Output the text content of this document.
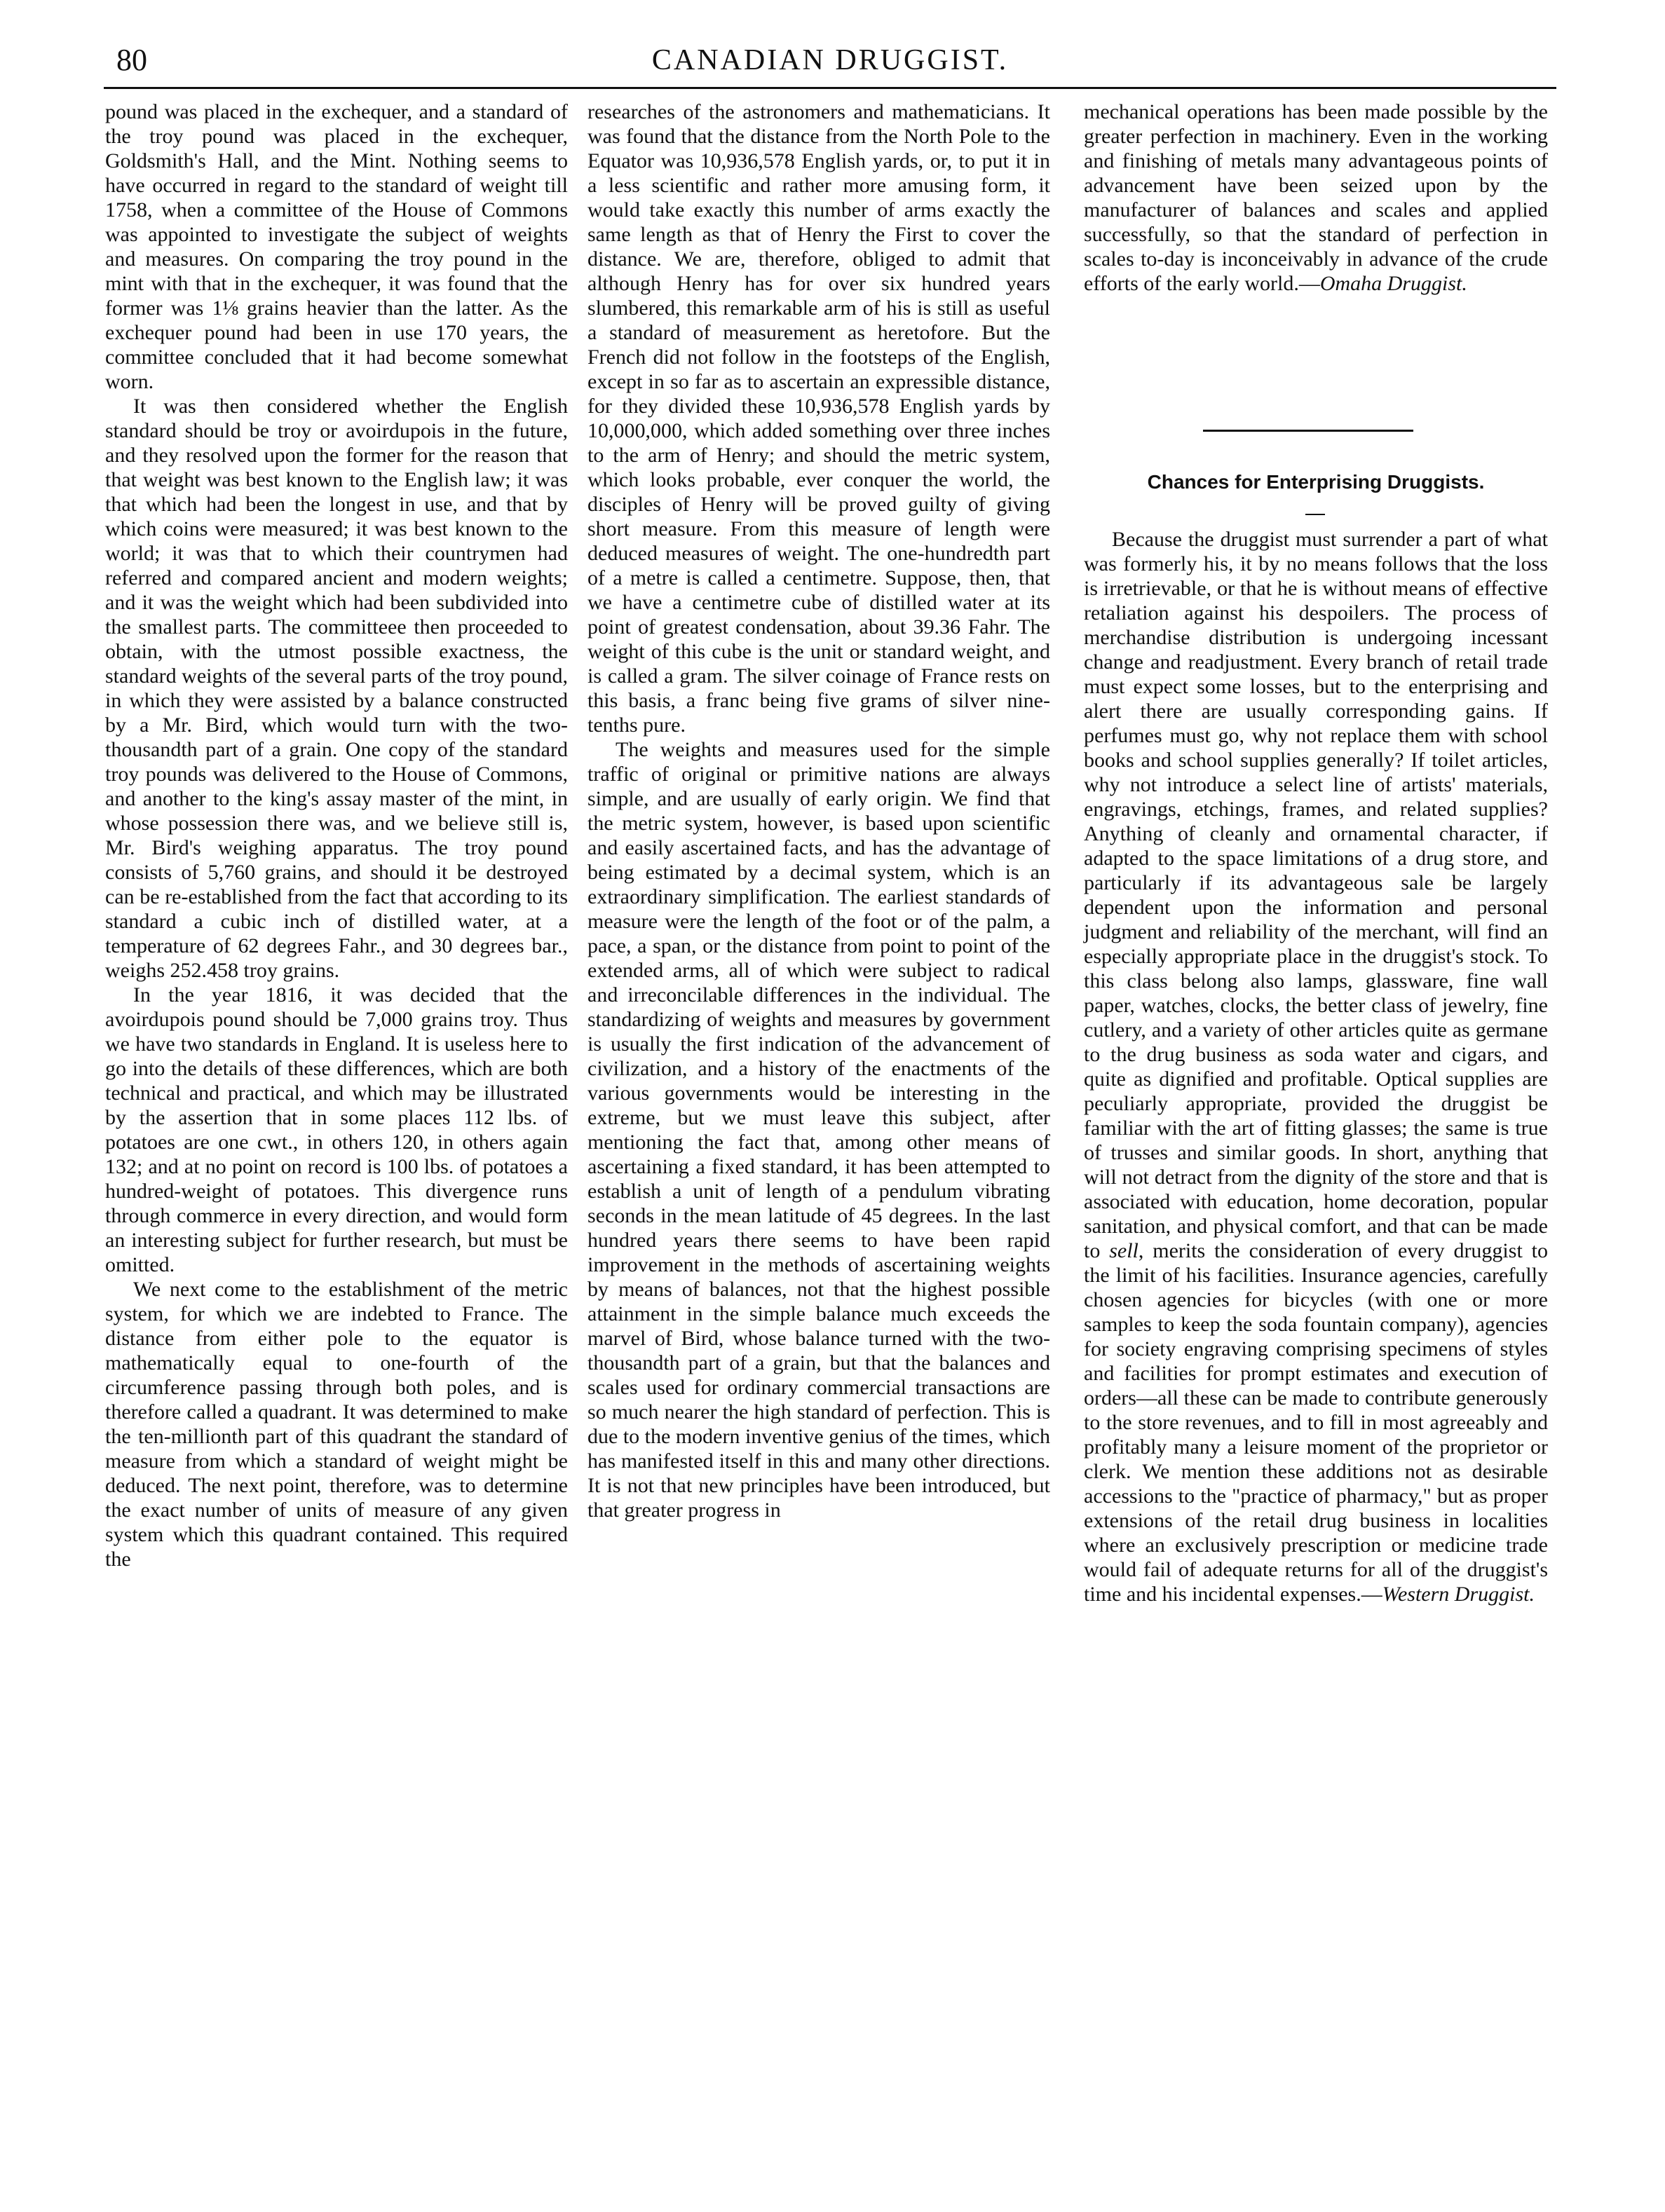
80	CANADIAN DRUGGIST.

pound was placed in the exchequer, and a standard of the troy pound was placed in the exchequer, Goldsmith's Hall, and the Mint. Nothing seems to have occurred in regard to the standard of weight till 1758, when a committee of the House of Commons was appointed to investigate the subject of weights and measures. On comparing the troy pound in the mint with that in the exchequer, it was found that the former was 1⅛ grains heavier than the latter. As the exchequer pound had been in use 170 years, the committee concluded that it had become somewhat worn.

It was then considered whether the English standard should be troy or avoirdupois in the future, and they resolved upon the former for the reason that that weight was best known to the English law; it was that which had been the longest in use, and that by which coins were measured; it was best known to the world; it was that to which their countrymen had referred and compared ancient and modern weights; and it was the weight which had been subdivided into the smallest parts. The committeee then proceeded to obtain, with the utmost possible exactness, the standard weights of the several parts of the troy pound, in which they were assisted by a balance constructed by a Mr. Bird, which would turn with the two-thousandth part of a grain. One copy of the standard troy pounds was delivered to the House of Commons, and another to the king's assay master of the mint, in whose possession there was, and we believe still is, Mr. Bird's weighing apparatus. The troy pound consists of 5,760 grains, and should it be destroyed can be re-established from the fact that according to its standard a cubic inch of distilled water, at a temperature of 62 degrees Fahr., and 30 degrees bar., weighs 252.458 troy grains.

In the year 1816, it was decided that the avoirdupois pound should be 7,000 grains troy. Thus we have two standards in England. It is useless here to go into the details of these differences, which are both technical and practical, and which may be illustrated by the assertion that in some places 112 lbs. of potatoes are one cwt., in others 120, in others again 132; and at no point on record is 100 lbs. of potatoes a hundred-weight of potatoes. This divergence runs through commerce in every direction, and would form an interesting subject for further research, but must be omitted.

We next come to the establishment of the metric system, for which we are indebted to France. The distance from either pole to the equator is mathematically equal to one-fourth of the circumference passing through both poles, and is therefore called a quadrant. It was determined to make the ten-millionth part of this quadrant the standard of measure from which a standard of weight might be deduced. The next point, therefore, was to determine the exact number of units of measure of any given system which this quadrant contained. This required the

researches of the astronomers and mathematicians. It was found that the distance from the North Pole to the Equator was 10,936,578 English yards, or, to put it in a less scientific and rather more amusing form, it would take exactly this number of arms exactly the same length as that of Henry the First to cover the distance. We are, therefore, obliged to admit that although Henry has for over six hundred years slumbered, this remarkable arm of his is still as useful a standard of measurement as heretofore. But the French did not follow in the footsteps of the English, except in so far as to ascertain an expressible distance, for they divided these 10,936,578 English yards by 10,000,000, which added something over three inches to the arm of Henry; and should the metric system, which looks probable, ever conquer the world, the disciples of Henry will be proved guilty of giving short measure. From this measure of length were deduced measures of weight. The one-hundredth part of a metre is called a centimetre. Suppose, then, that we have a centimetre cube of distilled water at its point of greatest condensation, about 39.36 Fahr. The weight of this cube is the unit or standard weight, and is called a gram. The silver coinage of France rests on this basis, a franc being five grams of silver nine-tenths pure.

The weights and measures used for the simple traffic of original or primitive nations are always simple, and are usually of early origin. We find that the metric system, however, is based upon scientific and easily ascertained facts, and has the advantage of being estimated by a decimal system, which is an extraordinary simplification. The earliest standards of measure were the length of the foot or of the palm, a pace, a span, or the distance from point to point of the extended arms, all of which were subject to radical and irreconcilable differences in the individual. The standardizing of weights and measures by government is usually the first indication of the advancement of civilization, and a history of the enactments of the various governments would be interesting in the extreme, but we must leave this subject, after mentioning the fact that, among other means of ascertaining a fixed standard, it has been attempted to establish a unit of length of a pendulum vibrating seconds in the mean latitude of 45 degrees. In the last hundred years there seems to have been rapid improvement in the methods of ascertaining weights by means of balances, not that the highest possible attainment in the simple balance much exceeds the marvel of Bird, whose balance turned with the two-thousandth part of a grain, but that the balances and scales used for ordinary commercial transactions are so much nearer the high standard of perfection. This is due to the modern inventive genius of the times, which has manifested itself in this and many other directions. It is not that new principles have been introduced, but that greater progress in

mechanical operations has been made possible by the greater perfection in machinery. Even in the working and finishing of metals many advantageous points of advancement have been seized upon by the manufacturer of balances and scales and applied successfully, so that the standard of perfection in scales to-day is inconceivably in advance of the crude efforts of the early world.—Omaha Druggist.

Chances for Enterprising Druggists.

Because the druggist must surrender a part of what was formerly his, it by no means follows that the loss is irretrievable, or that he is without means of effective retaliation against his despoilers. The process of merchandise distribution is undergoing incessant change and readjustment. Every branch of retail trade must expect some losses, but to the enterprising and alert there are usually corresponding gains. If perfumes must go, why not replace them with school books and school supplies generally? If toilet articles, why not introduce a select line of artists' materials, engravings, etchings, frames, and related supplies? Anything of cleanly and ornamental character, if adapted to the space limitations of a drug store, and particularly if its advantageous sale be largely dependent upon the information and personal judgment and reliability of the merchant, will find an especially appropriate place in the druggist's stock. To this class belong also lamps, glassware, fine wall paper, watches, clocks, the better class of jewelry, fine cutlery, and a variety of other articles quite as germane to the drug business as soda water and cigars, and quite as dignified and profitable. Optical supplies are peculiarly appropriate, provided the druggist be familiar with the art of fitting glasses; the same is true of trusses and similar goods. In short, anything that will not detract from the dignity of the store and that is associated with education, home decoration, popular sanitation, and physical comfort, and that can be made to sell, merits the consideration of every druggist to the limit of his facilities. Insurance agencies, carefully chosen agencies for bicycles (with one or more samples to keep the soda fountain company), agencies for society engraving comprising specimens of styles and facilities for prompt estimates and execution of orders—all these can be made to contribute generously to the store revenues, and to fill in most agreeably and profitably many a leisure moment of the proprietor or clerk. We mention these additions not as desirable accessions to the "practice of pharmacy," but as proper extensions of the retail drug business in localities where an exclusively prescription or medicine trade would fail of adequate returns for all of the druggist's time and his incidental expenses.—Western Druggist.
